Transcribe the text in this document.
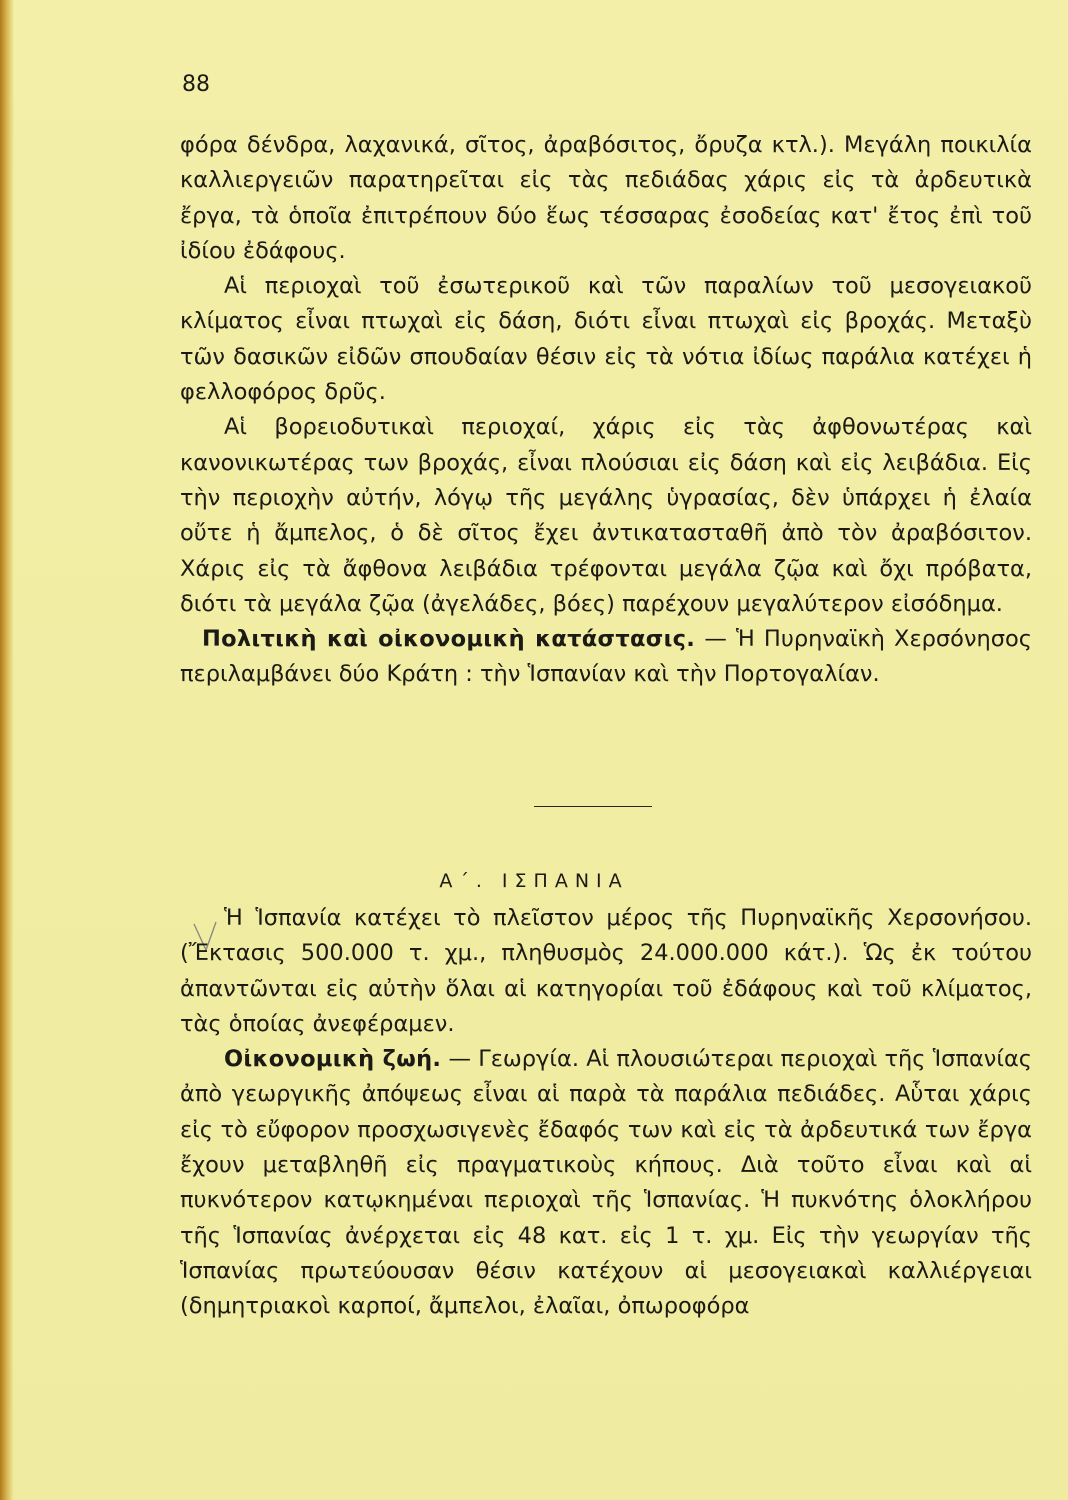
88

φόρα δένδρα, λαχανικά, σῖτος, ἀραβόσιτος, ὄρυζα κτλ.). Μεγάλη ποικιλία καλλιεργειῶν παρατηρεῖται εἰς τὰς πεδιάδας χάρις εἰς τὰ ἀρδευτικὰ ἔργα, τὰ ὁποῖα ἐπιτρέπουν δύο ἕως τέσσαρας ἐσοδείας κατ' ἔτος ἐπὶ τοῦ ἰδίου ἐδάφους.

Αἱ περιοχαὶ τοῦ ἐσωτερικοῦ καὶ τῶν παραλίων τοῦ μεσογειακοῦ κλίματος εἶναι πτωχαὶ εἰς δάση, διότι εἶναι πτωχαὶ εἰς βροχάς. Μεταξὺ τῶν δασικῶν εἰδῶν σπουδαίαν θέσιν εἰς τὰ νότια ἰδίως παράλια κατέχει ἡ φελλοφόρος δρῦς.

Αἱ βορειοδυτικαὶ περιοχαί, χάρις εἰς τὰς ἀφθονωτέρας καὶ κανονικωτέρας των βροχάς, εἶναι πλούσιαι εἰς δάση καὶ εἰς λειβάδια. Εἰς τὴν περιοχὴν αὐτήν, λόγῳ τῆς μεγάλης ὑγρασίας, δὲν ὑπάρχει ἡ ἐλαία οὔτε ἡ ἄμπελος, ὁ δὲ σῖτος ἔχει ἀντικατασταθῆ ἀπὸ τὸν ἀραβόσιτον. Χάρις εἰς τὰ ἄφθονα λειβάδια τρέφονται μεγάλα ζῷα καὶ ὄχι πρόβατα, διότι τὰ μεγάλα ζῷα (ἀγελάδες, βόες) παρέχουν μεγαλύτερον εἰσόδημα.

Πολιτικὴ καὶ οἰκονομικὴ κατάστασις. — Ἡ Πυρηναϊκὴ Χερσόνησος περιλαμβάνει δύο Κράτη : τὴν Ἱσπανίαν καὶ τὴν Πορτογαλίαν.

Α΄. ΙΣΠΑΝΙΑ

Ἡ Ἱσπανία κατέχει τὸ πλεῖστον μέρος τῆς Πυρηναϊκῆς Χερσονήσου. (Ἔκτασις 500.000 τ. χμ., πληθυσμὸς 24.000.000 κάτ.). Ὡς ἐκ τούτου ἀπαντῶνται εἰς αὐτὴν ὅλαι αἱ κατηγορίαι τοῦ ἐδάφους καὶ τοῦ κλίματος, τὰς ὁποίας ἀνεφέραμεν.

Οἰκονομικὴ ζωή. — Γεωργία. Αἱ πλουσιώτεραι περιοχαὶ τῆς Ἱσπανίας ἀπὸ γεωργικῆς ἀπόψεως εἶναι αἱ παρὰ τὰ παράλια πεδιάδες. Αὗται χάρις εἰς τὸ εὔφορον προσχωσιγενὲς ἔδαφός των καὶ εἰς τὰ ἀρδευτικά των ἔργα ἔχουν μεταβληθῆ εἰς πραγματικοὺς κήπους. Διὰ τοῦτο εἶναι καὶ αἱ πυκνότερον κατῳκημέναι περιοχαὶ τῆς Ἱσπανίας. Ἡ πυκνότης ὁλοκλήρου τῆς Ἱσπανίας ἀνέρχεται εἰς 48 κατ. εἰς 1 τ. χμ. Εἰς τὴν γεωργίαν τῆς Ἱσπανίας πρωτεύουσαν θέσιν κατέχουν αἱ μεσογειακαὶ καλλιέργειαι (δημητριακοὶ καρποί, ἄμπελοι, ἐλαῖαι, ὀπωροφόρα
